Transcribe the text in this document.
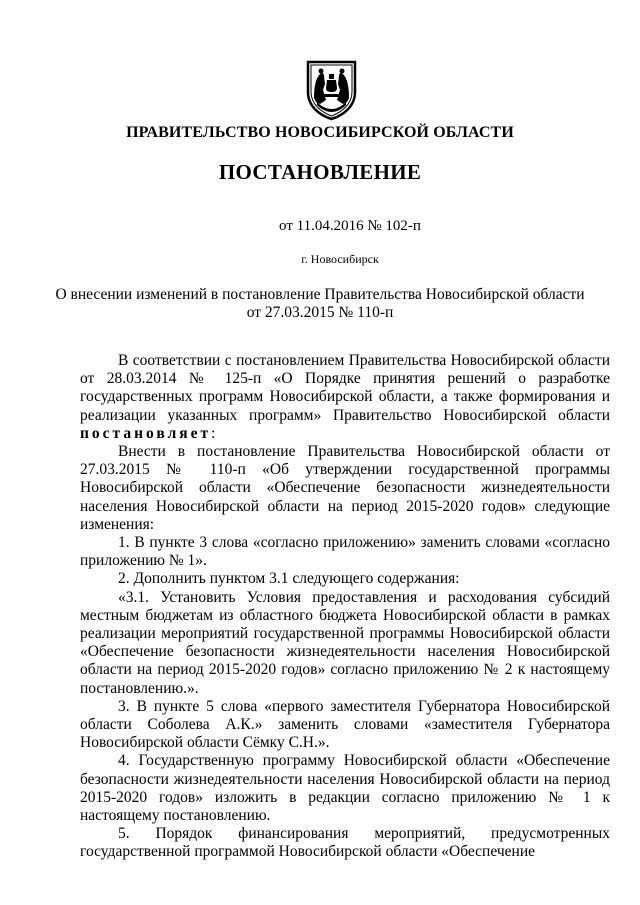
ПРАВИТЕЛЬСТВО НОВОСИБИРСКОЙ ОБЛАСТИ
ПОСТАНОВЛЕНИЕ
от 11.04.2016 № 102-п
г. Новосибирск
О внесении изменений в постановление Правительства Новосибирской области
от 27.03.2015 № 110-п

В соответствии с постановлением Правительства Новосибирской области от 28.03.2014 № 125-п «О Порядке принятия решений о разработке государственных программ Новосибирской области, а также формирования и реализации указанных программ» Правительство Новосибирской области постановляет:

Внести в постановление Правительства Новосибирской области от 27.03.2015 № 110-п «Об утверждении государственной программы Новосибирской области «Обеспечение безопасности жизнедеятельности населения Новосибирской области на период 2015-2020 годов» следующие изменения:

1. В пункте 3 слова «согласно приложению» заменить словами «согласно приложению № 1».

2. Дополнить пунктом 3.1 следующего содержания:

«3.1. Установить Условия предоставления и расходования субсидий местным бюджетам из областного бюджета Новосибирской области в рамках реализации мероприятий государственной программы Новосибирской области «Обеспечение безопасности жизнедеятельности населения Новосибирской области на период 2015-2020 годов» согласно приложению № 2 к настоящему постановлению.».

3. В пункте 5 слова «первого заместителя Губернатора Новосибирской области Соболева А.К.» заменить словами «заместителя Губернатора Новосибирской области Сёмку С.Н.».

4. Государственную программу Новосибирской области «Обеспечение безопасности жизнедеятельности населения Новосибирской области на период 2015-2020 годов» изложить в редакции согласно приложению № 1 к настоящему постановлению.

5. Порядок финансирования мероприятий, предусмотренных государственной программой Новосибирской области «Обеспечение
